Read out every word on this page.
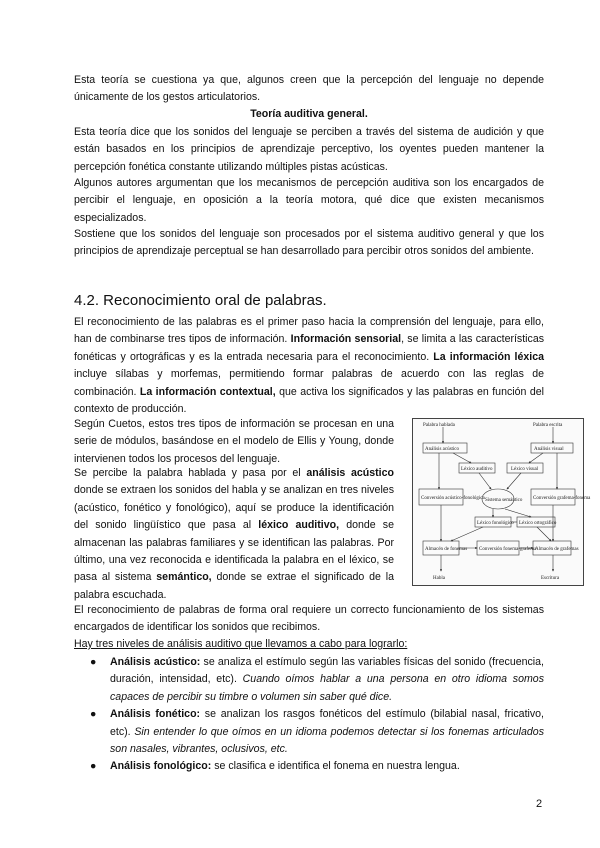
Esta teoría se cuestiona ya que, algunos creen que la percepción del lenguaje no depende únicamente de los gestos articulatorios.

Teoría auditiva general.

Esta teoría dice que los sonidos del lenguaje se perciben a través del sistema de audición y que están basados en los principios de aprendizaje perceptivo, los oyentes pueden mantener la percepción fonética constante utilizando múltiples pistas acústicas.

Algunos autores argumentan que los mecanismos de percepción auditiva son los encargados de percibir el lenguaje, en oposición a la teoría motora, qué dice que existen mecanismos especializados.

Sostiene que los sonidos del lenguaje son procesados por el sistema auditivo general y que los principios de aprendizaje perceptual se han desarrollado para percibir otros sonidos del ambiente.

4.2. Reconocimiento oral de palabras.

El reconocimiento de las palabras es el primer paso hacia la comprensión del lenguaje, para ello, han de combinarse tres tipos de información. Información sensorial, se limita a las características fonéticas y ortográficas y es la entrada necesaria para el reconocimiento. La información léxica incluye sílabas y morfemas, permitiendo formar palabras de acuerdo con las reglas de combinación. La información contextual, que activa los significados y las palabras en función del contexto de producción.

Según Cuetos, estos tres tipos de información se procesan en una serie de módulos, basándose en el modelo de Ellis y Young, donde intervienen todos los procesos del lenguaje.

Se percibe la palabra hablada y pasa por el análisis acústico donde se extraen los sonidos del habla y se analizan en tres niveles (acústico, fonético y fonológico), aquí se produce la identificación del sonido lingüístico que pasa al léxico auditivo, donde se almacenan las palabras familiares y se identifican las palabras. Por último, una vez reconocida e identificada la palabra en el léxico, se pasa al sistema semántico, donde se extrae el significado de la palabra escuchada.

Palabra hablada	Palabra escrita
Análisis acústico	Análisis visual
Léxico auditivo	Léxico visual
Conversión acústico-fonológica Sistema semántico Conversión grafema-fonema
Léxico fonológico Léxico ortográfico
Almacén de fonemas Conversión fonema-grafema
Almacén de grafemas
Habla	Escritura

El reconocimiento de palabras de forma oral requiere un correcto funcionamiento de los sistemas encargados de identificar los sonidos que recibimos.

Hay tres niveles de análisis auditivo que llevamos a cabo para lograrlo:

● Análisis acústico: se analiza el estímulo según las variables físicas del sonido (frecuencia, duración, intensidad, etc). Cuando oímos hablar a una persona en otro idioma somos capaces de percibir su timbre o volumen sin saber qué dice.
● Análisis fonético: se analizan los rasgos fonéticos del estímulo (bilabial nasal, fricativo, etc). Sin entender lo que oímos en un idioma podemos detectar si los fonemas articulados son nasales, vibrantes, oclusivos, etc.
● Análisis fonológico: se clasifica e identifica el fonema en nuestra lengua.
2
